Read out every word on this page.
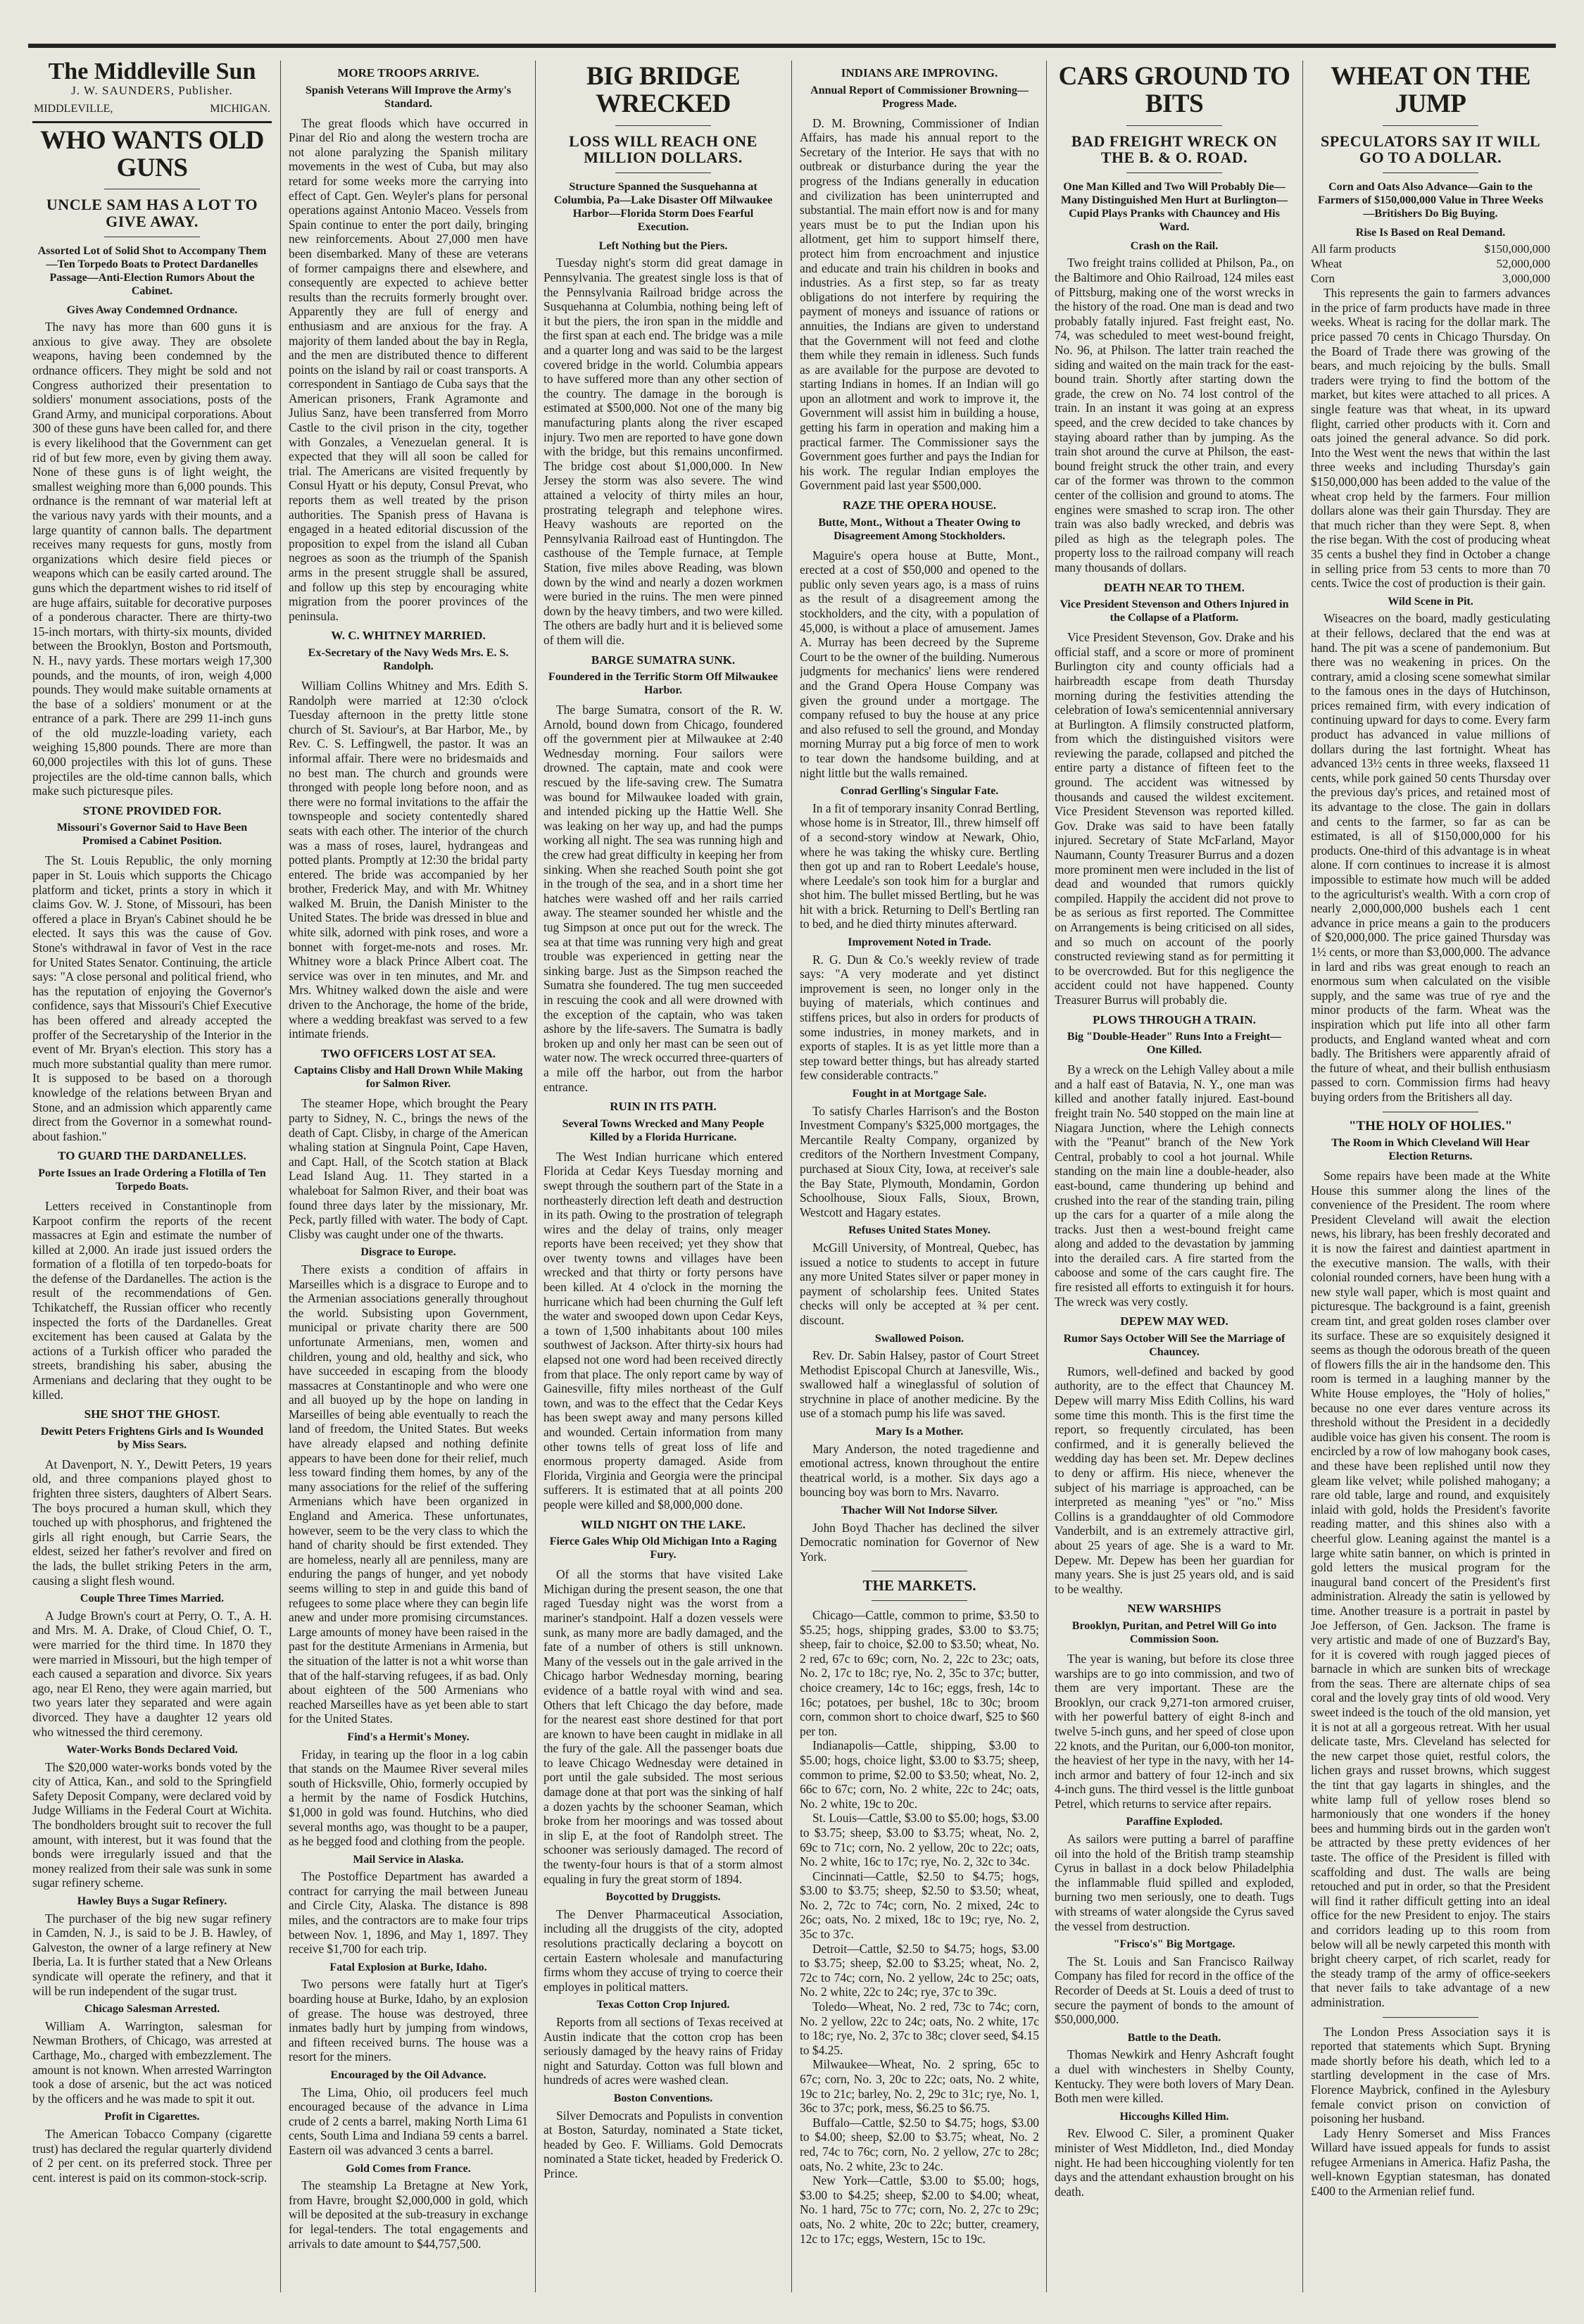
The Middleville Sun
J. W. SAUNDERS, Publisher.
MIDDLEVILLE,	MICHIGAN.
WHO WANTS OLD GUNS
UNCLE SAM HAS A LOT TO GIVE AWAY.
Assorted Lot of Solid Shot to Accompany Them—Ten Torpedo Boats to Protect Dardanelles Passage—Anti-Election Rumors About the Cabinet.
Gives Away Condemned Ordnance.

The navy has more than 600 guns it is anxious to give away. They are obsolete weapons, having been condemned by the ordnance officers. They might be sold and not Congress authorized their presentation to soldiers' monument associations, posts of the Grand Army, and municipal corporations. About 300 of these guns have been called for, and there is every likelihood that the Government can get rid of but few more, even by giving them away. None of these guns is of light weight, the smallest weighing more than 6,000 pounds. This ordnance is the remnant of war material left at the various navy yards with their mounts, and a large quantity of cannon balls. The department receives many requests for guns, mostly from organizations which desire field pieces or weapons which can be easily carted around. The guns which the department wishes to rid itself of are huge affairs, suitable for decorative purposes of a ponderous character. There are thirty-two 15-inch mortars, with thirty-six mounts, divided between the Brooklyn, Boston and Portsmouth, N. H., navy yards. These mortars weigh 17,300 pounds, and the mounts, of iron, weigh 4,000 pounds. They would make suitable ornaments at the base of a soldiers' monument or at the entrance of a park. There are 299 11-inch guns of the old muzzle-loading variety, each weighing 15,800 pounds. There are more than 60,000 projectiles with this lot of guns. These projectiles are the old-time cannon balls, which make such picturesque piles.

STONE PROVIDED FOR.
Missouri's Governor Said to Have Been Promised a Cabinet Position.

The St. Louis Republic, the only morning paper in St. Louis which supports the Chicago platform and ticket, prints a story in which it claims Gov. W. J. Stone, of Missouri, has been offered a place in Bryan's Cabinet should he be elected. It says this was the cause of Gov. Stone's withdrawal in favor of Vest in the race for United States Senator. Continuing, the article says: "A close personal and political friend, who has the reputation of enjoying the Governor's confidence, says that Missouri's Chief Executive has been offered and already accepted the proffer of the Secretaryship of the Interior in the event of Mr. Bryan's election. This story has a much more substantial quality than mere rumor. It is supposed to be based on a thorough knowledge of the relations between Bryan and Stone, and an admission which apparently came direct from the Governor in a somewhat round-about fashion."

TO GUARD THE DARDANELLES.
Porte Issues an Irade Ordering a Flotilla of Ten Torpedo Boats.

Letters received in Constantinople from Karpoot confirm the reports of the recent massacres at Egin and estimate the number of killed at 2,000. An irade just issued orders the formation of a flotilla of ten torpedo-boats for the defense of the Dardanelles. The action is the result of the recommendations of Gen. Tchikatcheff, the Russian officer who recently inspected the forts of the Dardanelles. Great excitement has been caused at Galata by the actions of a Turkish officer who paraded the streets, brandishing his saber, abusing the Armenians and declaring that they ought to be killed.

SHE SHOT THE GHOST.
Dewitt Peters Frightens Girls and Is Wounded by Miss Sears.

At Davenport, N. Y., Dewitt Peters, 19 years old, and three companions played ghost to frighten three sisters, daughters of Albert Sears. The boys procured a human skull, which they touched up with phosphorus, and frightened the girls all right enough, but Carrie Sears, the eldest, seized her father's revolver and fired on the lads, the bullet striking Peters in the arm, causing a slight flesh wound.

Couple Three Times Married.

A Judge Brown's court at Perry, O. T., A. H. and Mrs. M. A. Drake, of Cloud Chief, O. T., were married for the third time. In 1870 they were married in Missouri, but the high temper of each caused a separation and divorce. Six years ago, near El Reno, they were again married, but two years later they separated and were again divorced. They have a daughter 12 years old who witnessed the third ceremony.

Water-Works Bonds Declared Void.

The $20,000 water-works bonds voted by the city of Attica, Kan., and sold to the Springfield Safety Deposit Company, were declared void by Judge Williams in the Federal Court at Wichita. The bondholders brought suit to recover the full amount, with interest, but it was found that the bonds were irregularly issued and that the money realized from their sale was sunk in some sugar refinery scheme.

Hawley Buys a Sugar Refinery.

The purchaser of the big new sugar refinery in Camden, N. J., is said to be J. B. Hawley, of Galveston, the owner of a large refinery at New Iberia, La. It is further stated that a New Orleans syndicate will operate the refinery, and that it will be run independent of the sugar trust.

Chicago Salesman Arrested.

William A. Warrington, salesman for Newman Brothers, of Chicago, was arrested at Carthage, Mo., charged with embezzlement. The amount is not known. When arrested Warrington took a dose of arsenic, but the act was noticed by the officers and he was made to spit it out.

Profit in Cigarettes.

The American Tobacco Company (cigarette trust) has declared the regular quarterly dividend of 2 per cent. on its preferred stock. Three per cent. interest is paid on its common-stock-scrip.

MORE TROOPS ARRIVE.
Spanish Veterans Will Improve the Army's Standard.

The great floods which have occurred in Pinar del Rio and along the western trocha are not alone paralyzing the Spanish military movements in the west of Cuba, but may also retard for some weeks more the carrying into effect of Capt. Gen. Weyler's plans for personal operations against Antonio Maceo. Vessels from Spain continue to enter the port daily, bringing new reinforcements. About 27,000 men have been disembarked. Many of these are veterans of former campaigns there and elsewhere, and consequently are expected to achieve better results than the recruits formerly brought over. Apparently they are full of energy and enthusiasm and are anxious for the fray. A majority of them landed about the bay in Regla, and the men are distributed thence to different points on the island by rail or coast transports. A correspondent in Santiago de Cuba says that the American prisoners, Frank Agramonte and Julius Sanz, have been transferred from Morro Castle to the civil prison in the city, together with Gonzales, a Venezuelan general. It is expected that they will all soon be called for trial. The Americans are visited frequently by Consul Hyatt or his deputy, Consul Prevat, who reports them as well treated by the prison authorities. The Spanish press of Havana is engaged in a heated editorial discussion of the proposition to expel from the island all Cuban negroes as soon as the triumph of the Spanish arms in the present struggle shall be assured, and follow up this step by encouraging white migration from the poorer provinces of the peninsula.

W. C. WHITNEY MARRIED.
Ex-Secretary of the Navy Weds Mrs. E. S. Randolph.

William Collins Whitney and Mrs. Edith S. Randolph were married at 12:30 o'clock Tuesday afternoon in the pretty little stone church of St. Saviour's, at Bar Harbor, Me., by Rev. C. S. Leffingwell, the pastor. It was an informal affair. There were no bridesmaids and no best man. The church and grounds were thronged with people long before noon, and as there were no formal invitations to the affair the townspeople and society contentedly shared seats with each other. The interior of the church was a mass of roses, laurel, hydrangeas and potted plants. Promptly at 12:30 the bridal party entered. The bride was accompanied by her brother, Frederick May, and with Mr. Whitney walked M. Bruin, the Danish Minister to the United States. The bride was dressed in blue and white silk, adorned with pink roses, and wore a bonnet with forget-me-nots and roses. Mr. Whitney wore a black Prince Albert coat. The service was over in ten minutes, and Mr. and Mrs. Whitney walked down the aisle and were driven to the Anchorage, the home of the bride, where a wedding breakfast was served to a few intimate friends.

TWO OFFICERS LOST AT SEA.
Captains Clisby and Hall Drown While Making for Salmon River.

The steamer Hope, which brought the Peary party to Sidney, N. C., brings the news of the death of Capt. Clisby, in charge of the American whaling station at Singnula Point, Cape Haven, and Capt. Hall, of the Scotch station at Black Lead Island Aug. 11. They started in a whaleboat for Salmon River, and their boat was found three days later by the missionary, Mr. Peck, partly filled with water. The body of Capt. Clisby was caught under one of the thwarts.

Disgrace to Europe.

There exists a condition of affairs in Marseilles which is a disgrace to Europe and to the Armenian associations generally throughout the world. Subsisting upon Government, municipal or private charity there are 500 unfortunate Armenians, men, women and children, young and old, healthy and sick, who have succeeded in escaping from the bloody massacres at Constantinople and who were one and all buoyed up by the hope on landing in Marseilles of being able eventually to reach the land of freedom, the United States. But weeks have already elapsed and nothing definite appears to have been done for their relief, much less toward finding them homes, by any of the many associations for the relief of the suffering Armenians which have been organized in England and America. These unfortunates, however, seem to be the very class to which the hand of charity should be first extended. They are homeless, nearly all are penniless, many are enduring the pangs of hunger, and yet nobody seems willing to step in and guide this band of refugees to some place where they can begin life anew and under more promising circumstances. Large amounts of money have been raised in the past for the destitute Armenians in Armenia, but the situation of the latter is not a whit worse than that of the half-starving refugees, if as bad. Only about eighteen of the 500 Armenians who reached Marseilles have as yet been able to start for the United States.

Find's a Hermit's Money.

Friday, in tearing up the floor in a log cabin that stands on the Maumee River several miles south of Hicksville, Ohio, formerly occupied by a hermit by the name of Fosdick Hutchins, $1,000 in gold was found. Hutchins, who died several months ago, was thought to be a pauper, as he begged food and clothing from the people.

Mail Service in Alaska.

The Postoffice Department has awarded a contract for carrying the mail between Juneau and Circle City, Alaska. The distance is 898 miles, and the contractors are to make four trips between Nov. 1, 1896, and May 1, 1897. They receive $1,700 for each trip.

Fatal Explosion at Burke, Idaho.

Two persons were fatally hurt at Tiger's boarding house at Burke, Idaho, by an explosion of grease. The house was destroyed, three inmates badly hurt by jumping from windows, and fifteen received burns. The house was a resort for the miners.

Encouraged by the Oil Advance.

The Lima, Ohio, oil producers feel much encouraged because of the advance in Lima crude of 2 cents a barrel, making North Lima 61 cents, South Lima and Indiana 59 cents a barrel. Eastern oil was advanced 3 cents a barrel.

Gold Comes from France.

The steamship La Bretagne at New York, from Havre, brought $2,000,000 in gold, which will be deposited at the sub-treasury in exchange for legal-tenders. The total engagements and arrivals to date amount to $44,757,500.

BIG BRIDGE WRECKED
LOSS WILL REACH ONE MILLION DOLLARS.
Structure Spanned the Susquehanna at Columbia, Pa—Lake Disaster Off Milwaukee Harbor—Florida Storm Does Fearful Execution.
Left Nothing but the Piers.

Tuesday night's storm did great damage in Pennsylvania. The greatest single loss is that of the Pennsylvania Railroad bridge across the Susquehanna at Columbia, nothing being left of it but the piers, the iron span in the middle and the first span at each end. The bridge was a mile and a quarter long and was said to be the largest covered bridge in the world. Columbia appears to have suffered more than any other section of the country. The damage in the borough is estimated at $500,000. Not one of the many big manufacturing plants along the river escaped injury. Two men are reported to have gone down with the bridge, but this remains unconfirmed. The bridge cost about $1,000,000. In New Jersey the storm was also severe. The wind attained a velocity of thirty miles an hour, prostrating telegraph and telephone wires. Heavy washouts are reported on the Pennsylvania Railroad east of Huntingdon. The casthouse of the Temple furnace, at Temple Station, five miles above Reading, was blown down by the wind and nearly a dozen workmen were buried in the ruins. The men were pinned down by the heavy timbers, and two were killed. The others are badly hurt and it is believed some of them will die.

BARGE SUMATRA SUNK.
Foundered in the Terrific Storm Off Milwaukee Harbor.

The barge Sumatra, consort of the R. W. Arnold, bound down from Chicago, foundered off the government pier at Milwaukee at 2:40 Wednesday morning. Four sailors were drowned. The captain, mate and cook were rescued by the life-saving crew. The Sumatra was bound for Milwaukee loaded with grain, and intended picking up the Hattie Well. She was leaking on her way up, and had the pumps working all night. The sea was running high and the crew had great difficulty in keeping her from sinking. When she reached South point she got in the trough of the sea, and in a short time her hatches were washed off and her rails carried away. The steamer sounded her whistle and the tug Simpson at once put out for the wreck. The sea at that time was running very high and great trouble was experienced in getting near the sinking barge. Just as the Simpson reached the Sumatra she foundered. The tug men succeeded in rescuing the cook and all were drowned with the exception of the captain, who was taken ashore by the life-savers. The Sumatra is badly broken up and only her mast can be seen out of water now. The wreck occurred three-quarters of a mile off the harbor, out from the harbor entrance.

RUIN IN ITS PATH.
Several Towns Wrecked and Many People Killed by a Florida Hurricane.

The West Indian hurricane which entered Florida at Cedar Keys Tuesday morning and swept through the southern part of the State in a northeasterly direction left death and destruction in its path. Owing to the prostration of telegraph wires and the delay of trains, only meager reports have been received; yet they show that over twenty towns and villages have been wrecked and that thirty or forty persons have been killed. At 4 o'clock in the morning the hurricane which had been churning the Gulf left the water and swooped down upon Cedar Keys, a town of 1,500 inhabitants about 100 miles southwest of Jackson. After thirty-six hours had elapsed not one word had been received directly from that place. The only report came by way of Gainesville, fifty miles northeast of the Gulf town, and was to the effect that the Cedar Keys has been swept away and many persons killed and wounded. Certain information from many other towns tells of great loss of life and enormous property damaged. Aside from Florida, Virginia and Georgia were the principal sufferers. It is estimated that at all points 200 people were killed and $8,000,000 done.

WILD NIGHT ON THE LAKE.
Fierce Gales Whip Old Michigan Into a Raging Fury.

Of all the storms that have visited Lake Michigan during the present season, the one that raged Tuesday night was the worst from a mariner's standpoint. Half a dozen vessels were sunk, as many more are badly damaged, and the fate of a number of others is still unknown. Many of the vessels out in the gale arrived in the Chicago harbor Wednesday morning, bearing evidence of a battle royal with wind and sea. Others that left Chicago the day before, made for the nearest east shore destined for that port are known to have been caught in midlake in all the fury of the gale. All the passenger boats due to leave Chicago Wednesday were detained in port until the gale subsided. The most serious damage done at that port was the sinking of half a dozen yachts by the schooner Seaman, which broke from her moorings and was tossed about in slip E, at the foot of Randolph street. The schooner was seriously damaged. The record of the twenty-four hours is that of a storm almost equaling in fury the great storm of 1894.

Boycotted by Druggists.

The Denver Pharmaceutical Association, including all the druggists of the city, adopted resolutions practically declaring a boycott on certain Eastern wholesale and manufacturing firms whom they accuse of trying to coerce their employes in political matters.

Texas Cotton Crop Injured.

Reports from all sections of Texas received at Austin indicate that the cotton crop has been seriously damaged by the heavy rains of Friday night and Saturday. Cotton was full blown and hundreds of acres were washed clean.

Boston Conventions.

Silver Democrats and Populists in convention at Boston, Saturday, nominated a State ticket, headed by Geo. F. Williams. Gold Democrats nominated a State ticket, headed by Frederick O. Prince.

INDIANS ARE IMPROVING.
Annual Report of Commissioner Browning—Progress Made.

D. M. Browning, Commissioner of Indian Affairs, has made his annual report to the Secretary of the Interior. He says that with no outbreak or disturbance during the year the progress of the Indians generally in education and civilization has been uninterrupted and substantial. The main effort now is and for many years must be to put the Indian upon his allotment, get him to support himself there, protect him from encroachment and injustice and educate and train his children in books and industries. As a first step, so far as treaty obligations do not interfere by requiring the payment of moneys and issuance of rations or annuities, the Indians are given to understand that the Government will not feed and clothe them while they remain in idleness. Such funds as are available for the purpose are devoted to starting Indians in homes. If an Indian will go upon an allotment and work to improve it, the Government will assist him in building a house, getting his farm in operation and making him a practical farmer. The Commissioner says the Government goes further and pays the Indian for his work. The regular Indian employes the Government paid last year $500,000.

RAZE THE OPERA HOUSE.
Butte, Mont., Without a Theater Owing to Disagreement Among Stockholders.

Maguire's opera house at Butte, Mont., erected at a cost of $50,000 and opened to the public only seven years ago, is a mass of ruins as the result of a disagreement among the stockholders, and the city, with a population of 45,000, is without a place of amusement. James A. Murray has been decreed by the Supreme Court to be the owner of the building. Numerous judgments for mechanics' liens were rendered and the Grand Opera House Company was given the ground under a mortgage. The company refused to buy the house at any price and also refused to sell the ground, and Monday morning Murray put a big force of men to work to tear down the handsome building, and at night little but the walls remained.

Conrad Gerlling's Singular Fate.

In a fit of temporary insanity Conrad Bertling, whose home is in Streator, Ill., threw himself off of a second-story window at Newark, Ohio, where he was taking the whisky cure. Bertling then got up and ran to Robert Leedale's house, where Leedale's son took him for a burglar and shot him. The bullet missed Bertling, but he was hit with a brick. Returning to Dell's Bertling ran to bed, and he died thirty minutes afterward.

Improvement Noted in Trade.

R. G. Dun & Co.'s weekly review of trade says: "A very moderate and yet distinct improvement is seen, no longer only in the buying of materials, which continues and stiffens prices, but also in orders for products of some industries, in money markets, and in exports of staples. It is as yet little more than a step toward better things, but has already started few considerable contracts."

Fought in at Mortgage Sale.

To satisfy Charles Harrison's and the Boston Investment Company's $325,000 mortgages, the Mercantile Realty Company, organized by creditors of the Northern Investment Company, purchased at Sioux City, Iowa, at receiver's sale the Bay State, Plymouth, Mondamin, Gordon Schoolhouse, Sioux Falls, Sioux, Brown, Westcott and Hagary estates.

Refuses United States Money.

McGill University, of Montreal, Quebec, has issued a notice to students to accept in future any more United States silver or paper money in payment of scholarship fees. United States checks will only be accepted at ¾ per cent. discount.

Swallowed Poison.

Rev. Dr. Sabin Halsey, pastor of Court Street Methodist Episcopal Church at Janesville, Wis., swallowed half a wineglassful of solution of strychnine in place of another medicine. By the use of a stomach pump his life was saved.

Mary Is a Mother.

Mary Anderson, the noted tragedienne and emotional actress, known throughout the entire theatrical world, is a mother. Six days ago a bouncing boy was born to Mrs. Navarro.

Thacher Will Not Indorse Silver.

John Boyd Thacher has declined the silver Democratic nomination for Governor of New York.

THE MARKETS.

Chicago—Cattle, common to prime, $3.50 to $5.25; hogs, shipping grades, $3.00 to $3.75; sheep, fair to choice, $2.00 to $3.50; wheat, No. 2 red, 67c to 69c; corn, No. 2, 22c to 23c; oats, No. 2, 17c to 18c; rye, No. 2, 35c to 37c; butter, choice creamery, 14c to 16c; eggs, fresh, 14c to 16c; potatoes, per bushel, 18c to 30c; broom corn, common short to choice dwarf, $25 to $60 per ton.

Indianapolis—Cattle, shipping, $3.00 to $5.00; hogs, choice light, $3.00 to $3.75; sheep, common to prime, $2.00 to $3.50; wheat, No. 2, 66c to 67c; corn, No. 2 white, 22c to 24c; oats, No. 2 white, 19c to 20c.

St. Louis—Cattle, $3.00 to $5.00; hogs, $3.00 to $3.75; sheep, $3.00 to $3.75; wheat, No. 2, 69c to 71c; corn, No. 2 yellow, 20c to 22c; oats, No. 2 white, 16c to 17c; rye, No. 2, 32c to 34c.

Cincinnati—Cattle, $2.50 to $4.75; hogs, $3.00 to $3.75; sheep, $2.50 to $3.50; wheat, No. 2, 72c to 74c; corn, No. 2 mixed, 24c to 26c; oats, No. 2 mixed, 18c to 19c; rye, No. 2, 35c to 37c.

Detroit—Cattle, $2.50 to $4.75; hogs, $3.00 to $3.75; sheep, $2.00 to $3.25; wheat, No. 2, 72c to 74c; corn, No. 2 yellow, 24c to 25c; oats, No. 2 white, 22c to 24c; rye, 37c to 39c.

Toledo—Wheat, No. 2 red, 73c to 74c; corn, No. 2 yellow, 22c to 24c; oats, No. 2 white, 17c to 18c; rye, No. 2, 37c to 38c; clover seed, $4.15 to $4.25.

Milwaukee—Wheat, No. 2 spring, 65c to 67c; corn, No. 3, 20c to 22c; oats, No. 2 white, 19c to 21c; barley, No. 2, 29c to 31c; rye, No. 1, 36c to 37c; pork, mess, $6.25 to $6.75.

Buffalo—Cattle, $2.50 to $4.75; hogs, $3.00 to $4.00; sheep, $2.00 to $3.75; wheat, No. 2 red, 74c to 76c; corn, No. 2 yellow, 27c to 28c; oats, No. 2 white, 23c to 24c.

New York—Cattle, $3.00 to $5.00; hogs, $3.00 to $4.25; sheep, $2.00 to $4.00; wheat, No. 1 hard, 75c to 77c; corn, No. 2, 27c to 29c; oats, No. 2 white, 20c to 22c; butter, creamery, 12c to 17c; eggs, Western, 15c to 19c.

CARS GROUND TO BITS
BAD FREIGHT WRECK ON THE B. & O. ROAD.
One Man Killed and Two Will Probably Die—Many Distinguished Men Hurt at Burlington—Cupid Plays Pranks with Chauncey and His Ward.
Crash on the Rail.

Two freight trains collided at Philson, Pa., on the Baltimore and Ohio Railroad, 124 miles east of Pittsburg, making one of the worst wrecks in the history of the road. One man is dead and two probably fatally injured. Fast freight east, No. 74, was scheduled to meet west-bound freight, No. 96, at Philson. The latter train reached the siding and waited on the main track for the east-bound train. Shortly after starting down the grade, the crew on No. 74 lost control of the train. In an instant it was going at an express speed, and the crew decided to take chances by staying aboard rather than by jumping. As the train shot around the curve at Philson, the east-bound freight struck the other train, and every car of the former was thrown to the common center of the collision and ground to atoms. The engines were smashed to scrap iron. The other train was also badly wrecked, and debris was piled as high as the telegraph poles. The property loss to the railroad company will reach many thousands of dollars.

DEATH NEAR TO THEM.
Vice President Stevenson and Others Injured in the Collapse of a Platform.

Vice President Stevenson, Gov. Drake and his official staff, and a score or more of prominent Burlington city and county officials had a hairbreadth escape from death Thursday morning during the festivities attending the celebration of Iowa's semicentennial anniversary at Burlington. A flimsily constructed platform, from which the distinguished visitors were reviewing the parade, collapsed and pitched the entire party a distance of fifteen feet to the ground. The accident was witnessed by thousands and caused the wildest excitement. Vice President Stevenson was reported killed. Gov. Drake was said to have been fatally injured. Secretary of State McFarland, Mayor Naumann, County Treasurer Burrus and a dozen more prominent men were included in the list of dead and wounded that rumors quickly compiled. Happily the accident did not prove to be as serious as first reported. The Committee on Arrangements is being criticised on all sides, and so much on account of the poorly constructed reviewing stand as for permitting it to be overcrowded. But for this negligence the accident could not have happened. County Treasurer Burrus will probably die.

PLOWS THROUGH A TRAIN.
Big "Double-Header" Runs Into a Freight—One Killed.

By a wreck on the Lehigh Valley about a mile and a half east of Batavia, N. Y., one man was killed and another fatally injured. East-bound freight train No. 540 stopped on the main line at Niagara Junction, where the Lehigh connects with the "Peanut" branch of the New York Central, probably to cool a hot journal. While standing on the main line a double-header, also east-bound, came thundering up behind and crushed into the rear of the standing train, piling up the cars for a quarter of a mile along the tracks. Just then a west-bound freight came along and added to the devastation by jamming into the derailed cars. A fire started from the caboose and some of the cars caught fire. The fire resisted all efforts to extinguish it for hours. The wreck was very costly.

DEPEW MAY WED.
Rumor Says October Will See the Marriage of Chauncey.

Rumors, well-defined and backed by good authority, are to the effect that Chauncey M. Depew will marry Miss Edith Collins, his ward some time this month. This is the first time the report, so frequently circulated, has been confirmed, and it is generally believed the wedding day has been set. Mr. Depew declines to deny or affirm. His niece, whenever the subject of his marriage is approached, can be interpreted as meaning "yes" or "no." Miss Collins is a granddaughter of old Commodore Vanderbilt, and is an extremely attractive girl, about 25 years of age. She is a ward to Mr. Depew. Mr. Depew has been her guardian for many years. She is just 25 years old, and is said to be wealthy.

NEW WARSHIPS
Brooklyn, Puritan, and Petrel Will Go into Commission Soon.

The year is waning, but before its close three warships are to go into commission, and two of them are very important. These are the Brooklyn, our crack 9,271-ton armored cruiser, with her powerful battery of eight 8-inch and twelve 5-inch guns, and her speed of close upon 22 knots, and the Puritan, our 6,000-ton monitor, the heaviest of her type in the navy, with her 14-inch armor and battery of four 12-inch and six 4-inch guns. The third vessel is the little gunboat Petrel, which returns to service after repairs.

Paraffine Exploded.

As sailors were putting a barrel of paraffine oil into the hold of the British tramp steamship Cyrus in ballast in a dock below Philadelphia the inflammable fluid spilled and exploded, burning two men seriously, one to death. Tugs with streams of water alongside the Cyrus saved the vessel from destruction.

"Frisco's" Big Mortgage.

The St. Louis and San Francisco Railway Company has filed for record in the office of the Recorder of Deeds at St. Louis a deed of trust to secure the payment of bonds to the amount of $50,000,000.

Battle to the Death.

Thomas Newkirk and Henry Ashcraft fought a duel with winchesters in Shelby County, Kentucky. They were both lovers of Mary Dean. Both men were killed.

Hiccoughs Killed Him.

Rev. Elwood C. Siler, a prominent Quaker minister of West Middleton, Ind., died Monday night. He had been hiccoughing violently for ten days and the attendant exhaustion brought on his death.

WHEAT ON THE JUMP
SPECULATORS SAY IT WILL GO TO A DOLLAR.
Corn and Oats Also Advance—Gain to the Farmers of $150,000,000 Value in Three Weeks—Britishers Do Big Buying.
Rise Is Based on Real Demand.
All farm products	$150,000,000
Wheat	52,000,000
Corn	3,000,000

This represents the gain to farmers advances in the price of farm products have made in three weeks. Wheat is racing for the dollar mark. The price passed 70 cents in Chicago Thursday. On the Board of Trade there was growing of the bears, and much rejoicing by the bulls. Small traders were trying to find the bottom of the market, but kites were attached to all prices. A single feature was that wheat, in its upward flight, carried other products with it. Corn and oats joined the general advance. So did pork. Into the West went the news that within the last three weeks and including Thursday's gain $150,000,000 has been added to the value of the wheat crop held by the farmers. Four million dollars alone was their gain Thursday. They are that much richer than they were Sept. 8, when the rise began. With the cost of producing wheat 35 cents a bushel they find in October a change in selling price from 53 cents to more than 70 cents. Twice the cost of production is their gain.

Wild Scene in Pit.

Wiseacres on the board, madly gesticulating at their fellows, declared that the end was at hand. The pit was a scene of pandemonium. But there was no weakening in prices. On the contrary, amid a closing scene somewhat similar to the famous ones in the days of Hutchinson, prices remained firm, with every indication of continuing upward for days to come. Every farm product has advanced in value millions of dollars during the last fortnight. Wheat has advanced 13½ cents in three weeks, flaxseed 11 cents, while pork gained 50 cents Thursday over the previous day's prices, and retained most of its advantage to the close. The gain in dollars and cents to the farmer, so far as can be estimated, is all of $150,000,000 for his products. One-third of this advantage is in wheat alone. If corn continues to increase it is almost impossible to estimate how much will be added to the agriculturist's wealth. With a corn crop of nearly 2,000,000,000 bushels each 1 cent advance in price means a gain to the producers of $20,000,000. The price gained Thursday was 1½ cents, or more than $3,000,000. The advance in lard and ribs was great enough to reach an enormous sum when calculated on the visible supply, and the same was true of rye and the minor products of the farm. Wheat was the inspiration which put life into all other farm products, and England wanted wheat and corn badly. The Britishers were apparently afraid of the future of wheat, and their bullish enthusiasm passed to corn. Commission firms had heavy buying orders from the Britishers all day.

"THE HOLY OF HOLIES."
The Room in Which Cleveland Will Hear Election Returns.

Some repairs have been made at the White House this summer along the lines of the convenience of the President. The room where President Cleveland will await the election news, his library, has been freshly decorated and it is now the fairest and daintiest apartment in the executive mansion. The walls, with their colonial rounded corners, have been hung with a new style wall paper, which is most quaint and picturesque. The background is a faint, greenish cream tint, and great golden roses clamber over its surface. These are so exquisitely designed it seems as though the odorous breath of the queen of flowers fills the air in the handsome den. This room is termed in a laughing manner by the White House employes, the "Holy of holies," because no one ever dares venture across its threshold without the President in a decidedly audible voice has given his consent. The room is encircled by a row of low mahogany book cases, and these have been replished until now they gleam like velvet; while polished mahogany; a rare old table, large and round, and exquisitely inlaid with gold, holds the President's favorite reading matter, and this shines also with a cheerful glow. Leaning against the mantel is a large white satin banner, on which is printed in gold letters the musical program for the inaugural band concert of the President's first administration. Already the satin is yellowed by time. Another treasure is a portrait in pastel by Joe Jefferson, of Gen. Jackson. The frame is very artistic and made of one of Buzzard's Bay, for it is covered with rough jagged pieces of barnacle in which are sunken bits of wreckage from the seas. There are alternate chips of sea coral and the lovely gray tints of old wood. Very sweet indeed is the touch of the old mansion, yet it is not at all a gorgeous retreat. With her usual delicate taste, Mrs. Cleveland has selected for the new carpet those quiet, restful colors, the lichen grays and russet browns, which suggest the tint that gay lagarts in shingles, and the white lamp full of yellow roses blend so harmoniously that one wonders if the honey bees and humming birds out in the garden won't be attracted by these pretty evidences of her taste. The office of the President is filled with scaffolding and dust. The walls are being retouched and put in order, so that the President will find it rather difficult getting into an ideal office for the new President to enjoy. The stairs and corridors leading up to this room from below will all be newly carpeted this month with bright cheery carpet, of rich scarlet, ready for the steady tramp of the army of office-seekers that never fails to take advantage of a new administration.

The London Press Association says it is reported that statements which Supt. Bryning made shortly before his death, which led to a startling development in the case of Mrs. Florence Maybrick, confined in the Aylesbury female convict prison on conviction of poisoning her husband.

Lady Henry Somerset and Miss Frances Willard have issued appeals for funds to assist refugee Armenians in America. Hafiz Pasha, the well-known Egyptian statesman, has donated £400 to the Armenian relief fund.
